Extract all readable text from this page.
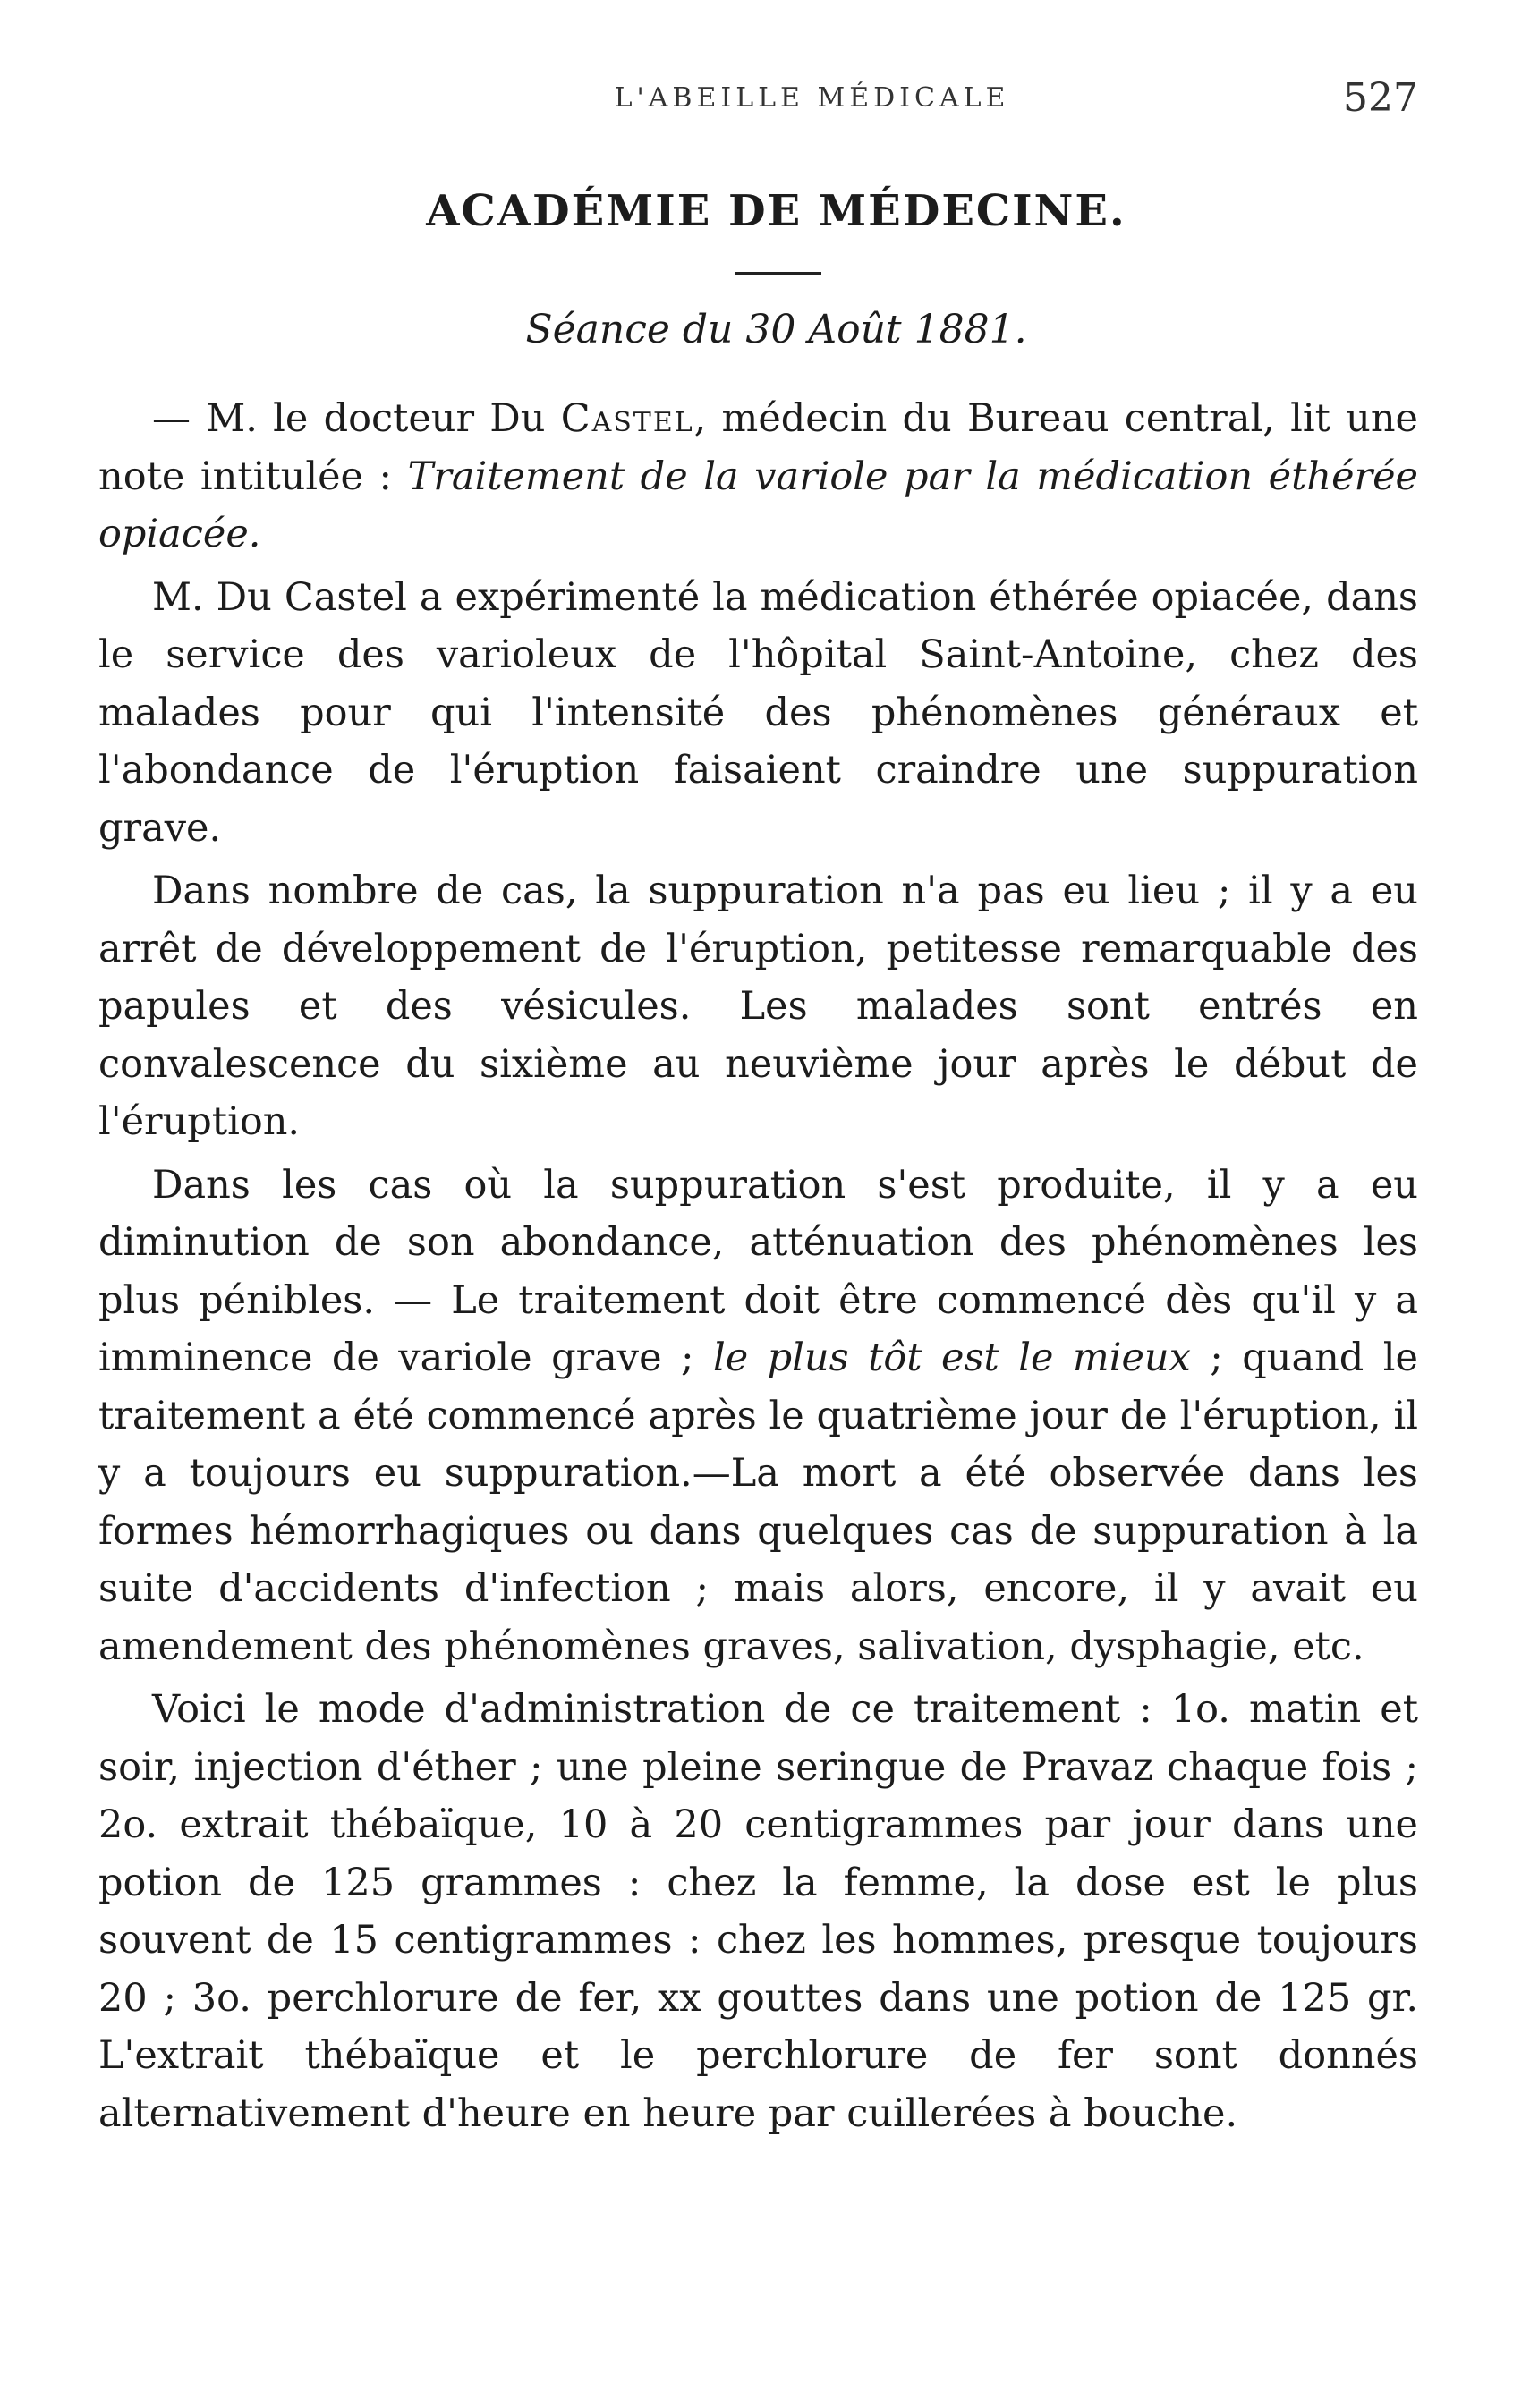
L'ABEILLE MÉDICALE	527
ACADÉMIE DE MÉDECINE.
Séance du 30 Août 1881.

— M. le docteur Du Castel, médecin du Bureau central, lit une note intitulée : Traitement de la variole par la médication éthérée opiacée.

M. Du Castel a expérimenté la médication éthérée opiacée, dans le service des varioleux de l'hôpital Saint-Antoine, chez des malades pour qui l'intensité des phénomènes généraux et l'abondance de l'éruption faisaient craindre une suppuration grave.

Dans nombre de cas, la suppuration n'a pas eu lieu ; il y a eu arrêt de développement de l'éruption, petitesse remarquable des papules et des vésicules. Les malades sont entrés en convalescence du sixième au neuvième jour après le début de l'éruption.

Dans les cas où la suppuration s'est produite, il y a eu diminution de son abondance, atténuation des phénomènes les plus pénibles. — Le traitement doit être commencé dès qu'il y a imminence de variole grave ; le plus tôt est le mieux ; quand le traitement a été commencé après le quatrième jour de l'éruption, il y a toujours eu suppuration.—La mort a été observée dans les formes hémorrhagiques ou dans quelques cas de suppuration à la suite d'accidents d'infection ; mais alors, encore, il y avait eu amendement des phénomènes graves, salivation, dysphagie, etc.

Voici le mode d'administration de ce traitement : 1o. matin et soir, injection d'éther ; une pleine seringue de Pravaz chaque fois ; 2o. extrait thébaïque, 10 à 20 centigrammes par jour dans une potion de 125 grammes : chez la femme, la dose est le plus souvent de 15 centigrammes : chez les hommes, presque toujours 20 ; 3o. perchlorure de fer, xx gouttes dans une potion de 125 gr. L'extrait thébaïque et le perchlorure de fer sont donnés alternativement d'heure en heure par cuillerées à bouche.
